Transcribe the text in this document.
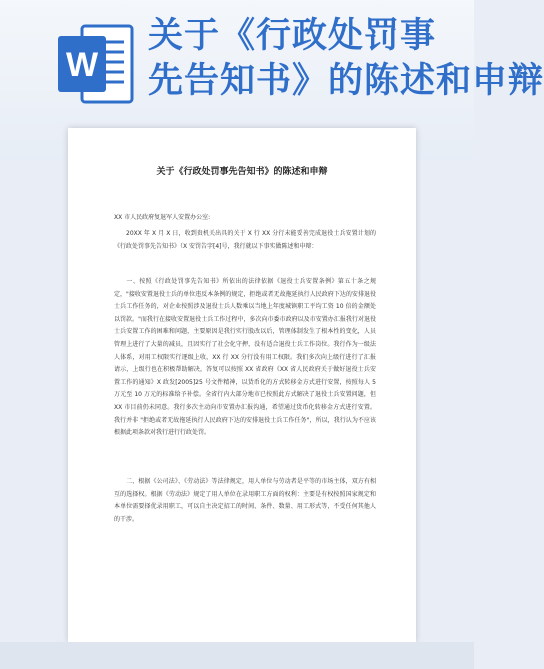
W
关于《行政处罚事
先告知书》的陈述和申辩
关于《行政处罚事先告知书》的陈述和申辩
XX 市人民政府复退军人安置办公室:
20XX 年 X 月 X 日，收到贵机关出具的关于 X 行 XX 分行未能妥善完成退役士兵安置计划的《行政处罚事先告知书》（X 安罚告字[4]号，我行就以下事实做陈述和申辩：
一、按照《行政处罚事先告知书》所依出的法律依据《退役士兵安置条例》第五十条之规定，"接收安置退役士兵的单位违反本条例的规定，拒绝或者无故拖延执行人民政府下达的安排退役士兵工作任务的，对企业按照涉及退役士兵人数乘以当地上年度城镇职工平均工资 10 倍的金额处以罚款。"而我行在接收安置退役士兵工作过程中，多次向市委市政府以及市安置办汇报我行对退役士兵安置工作的困难和问题，主要原因是我行实行股改以后，管理体制发生了根本性的变化，人员管理上进行了大量的减员，且因实行了社会化守押，没有适合退役士兵工作岗位。我行作为一级法人体系，对用工权限实行逐级上收，XX 行 XX 分行没有用工权限。我们多次向上级行进行了汇报请示，上级行也在积极帮助解决，答复可以按照 XX 省政府《XX 省人民政府关于做好退役士兵安置工作的通知》X 政发[2005]25 号文件精神，以货币化的方式转移金方式进行安置，按照每人 5 万元至 10 万元的标准给予补偿。全省行内大部分地市已按照此方式解决了退役士兵安置问题，但 XX 市目前仍未同意。我行多次主动向市安置办汇报沟通，希望通过货币化转移金方式进行安置。我行并非 "拒绝或者无故拖延执行人民政府下达的安排退役士兵工作任务"，所以，我行认为不应该根据此项条款对我行进行行政处罚。
二、根据《公司法》、《劳动法》等法律规定，用人单位与劳动者是平等的市场主体，双方有相互的选择权。根据《劳动法》规定了用人单位在录用职工方面的权利：主要是有权按照国家规定和本单位需要择优录用职工，可以自主决定招工的时间、条件、数量、用工形式等，不受任何其他人的干涉。
